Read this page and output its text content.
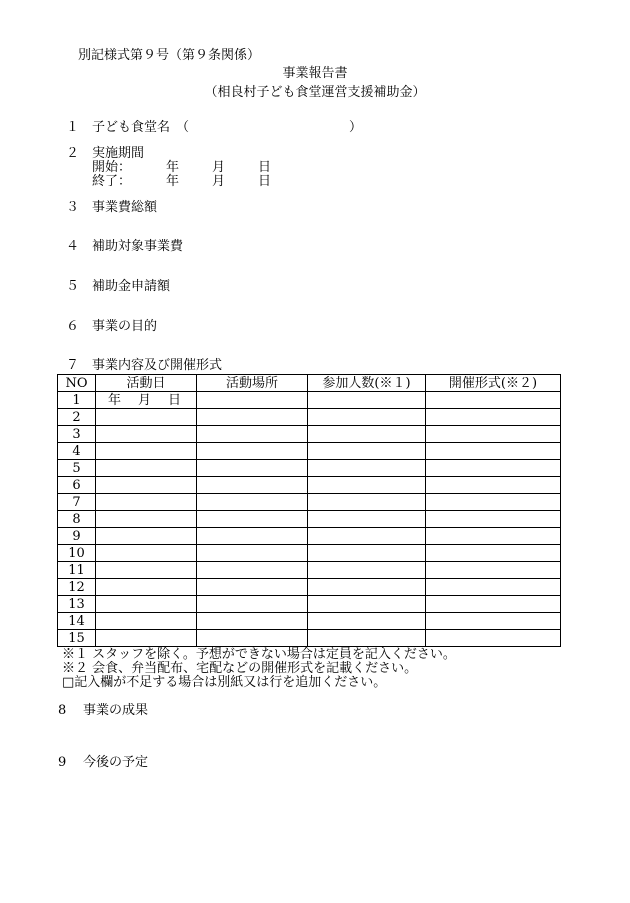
別記様式第９号（第９条関係）
事業報告書
（相良村子ども食堂運営支援補助金）
１ 子ども食堂名 （	）
２ 実施期間
開始：	年	月	日
終了：	年	月	日
３ 事業費総額
４ 補助対象事業費
５ 補助金申請額
６ 事業の目的
７ 事業内容及び開催形式
NO	活動日	活動場所	参加人数(※１)	開催形式(※２)
1	年 月 日			
2				
3				
4				
5				
6				
7				
8				
9				
10				
11				
12				
13				
14				
15				
※１ スタッフを除く。予想ができない場合は定員を記入ください。
※２ 会食、弁当配布、宅配などの開催形式を記載ください。
□記入欄が不足する場合は別紙又は行を追加ください。
8 事業の成果
9 今後の予定
